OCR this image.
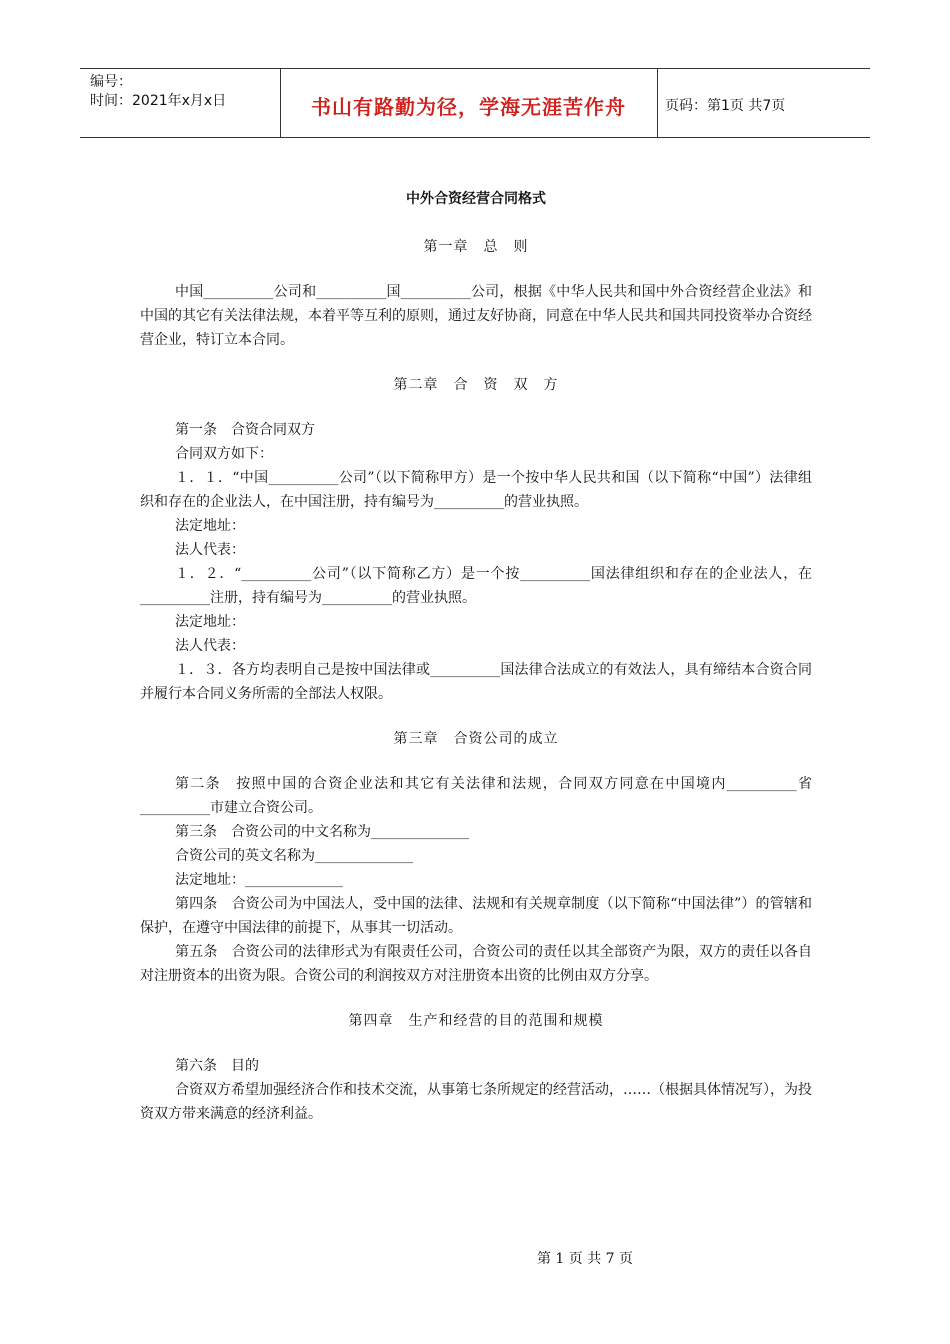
编号：
时间：2021年x月x日	书山有路勤为径，学海无涯苦作舟	页码：第1页 共7页
中外合资经营合同格式
第一章　总　则

中国__________公司和__________国__________公司，根据《中华人民共和国中外合资经营企业法》和中国的其它有关法律法规，本着平等互利的原则，通过友好协商，同意在中华人民共和国共同投资举办合资经营企业，特订立本合同。

第二章　合　资　双　方

第一条　合资合同双方

合同双方如下：

１．１．“中国__________公司”（以下简称甲方）是一个按中华人民共和国（以下简称“中国”）法律组织和存在的企业法人，在中国注册，持有编号为__________的营业执照。

法定地址：

法人代表：

１．２．“__________公司”（以下简称乙方）是一个按__________国法律组织和存在的企业法人，在__________注册，持有编号为__________的营业执照。

法定地址：

法人代表：

１．３．各方均表明自己是按中国法律或__________国法律合法成立的有效法人，具有缔结本合资合同并履行本合同义务所需的全部法人权限。

第三章　合资公司的成立

第二条　按照中国的合资企业法和其它有关法律和法规，合同双方同意在中国境内__________省__________市建立合资公司。

第三条　合资公司的中文名称为______________

合资公司的英文名称为______________

法定地址：______________

第四条　合资公司为中国法人，受中国的法律、法规和有关规章制度（以下简称“中国法律”）的管辖和保护，在遵守中国法律的前提下，从事其一切活动。

第五条　合资公司的法律形式为有限责任公司，合资公司的责任以其全部资产为限，双方的责任以各自对注册资本的出资为限。合资公司的利润按双方对注册资本出资的比例由双方分享。

第四章　生产和经营的目的范围和规模

第六条　目的

合资双方希望加强经济合作和技术交流，从事第七条所规定的经营活动，……（根据具体情况写），为投资双方带来满意的经济利益。

第 1 页 共 7 页
